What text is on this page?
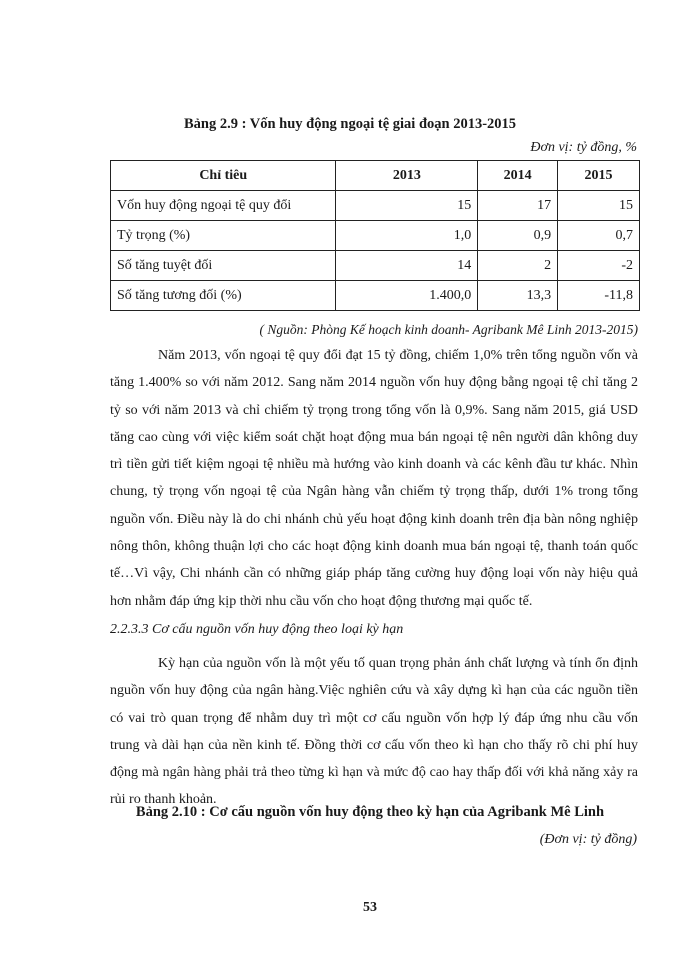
Bảng 2.9 : Vốn huy động ngoại tệ giai đoạn 2013-2015
Đơn vị: tỷ đồng, %
Chỉ tiêu	2013	2014	2015
Vốn huy động ngoại tệ quy đổi	15	17	15
Tỷ trọng (%)	1,0	0,9	0,7
Số tăng tuyệt đối	14	2	-2
Số tăng tương đối (%)	1.400,0	13,3	-11,8
( Nguồn: Phòng Kế hoạch kinh doanh- Agribank Mê Linh 2013-2015)

Năm 2013, vốn ngoại tệ quy đổi đạt 15 tỷ đồng, chiếm 1,0% trên tổng nguồn vốn và tăng 1.400% so với năm 2012. Sang năm 2014 nguồn vốn huy động bằng ngoại tệ chỉ tăng 2 tỷ so với năm 2013 và chỉ chiếm tỷ trọng trong tổng vốn là 0,9%. Sang năm 2015, giá USD tăng cao cùng với việc kiểm soát chặt hoạt động mua bán ngoại tệ nên người dân không duy trì tiền gửi tiết kiệm ngoại tệ nhiều mà hướng vào kinh doanh và các kênh đầu tư khác. Nhìn chung, tỷ trọng vốn ngoại tệ của Ngân hàng vẫn chiếm tỷ trọng thấp, dưới 1% trong tổng nguồn vốn. Điều này là do chi nhánh chủ yếu hoạt động kinh doanh trên địa bàn nông nghiệp nông thôn, không thuận lợi cho các hoạt động kinh doanh mua bán ngoại tệ, thanh toán quốc tế…Vì vậy, Chi nhánh cần có những giáp pháp tăng cường huy động loại vốn này hiệu quả hơn nhằm đáp ứng kịp thời nhu cầu vốn cho hoạt động thương mại quốc tế.

2.2.3.3 Cơ cấu nguồn vốn huy động theo loại kỳ hạn

Kỳ hạn của nguồn vốn là một yếu tố quan trọng phản ánh chất lượng và tính ổn định nguồn vốn huy động của ngân hàng.Việc nghiên cứu và xây dựng kì hạn của các nguồn tiền có vai trò quan trọng để nhằm duy trì một cơ cấu nguồn vốn hợp lý đáp ứng nhu cầu vốn trung và dài hạn của nền kinh tế. Đồng thời cơ cấu vốn theo kì hạn cho thấy rõ chi phí huy động mà ngân hàng phải trả theo từng kì hạn và mức độ cao hay thấp đối với khả năng xảy ra rủi ro thanh khoản.

Bảng 2.10 : Cơ cấu nguồn vốn huy động theo kỳ hạn của Agribank Mê Linh
(Đơn vị: tỷ đồng)
53
